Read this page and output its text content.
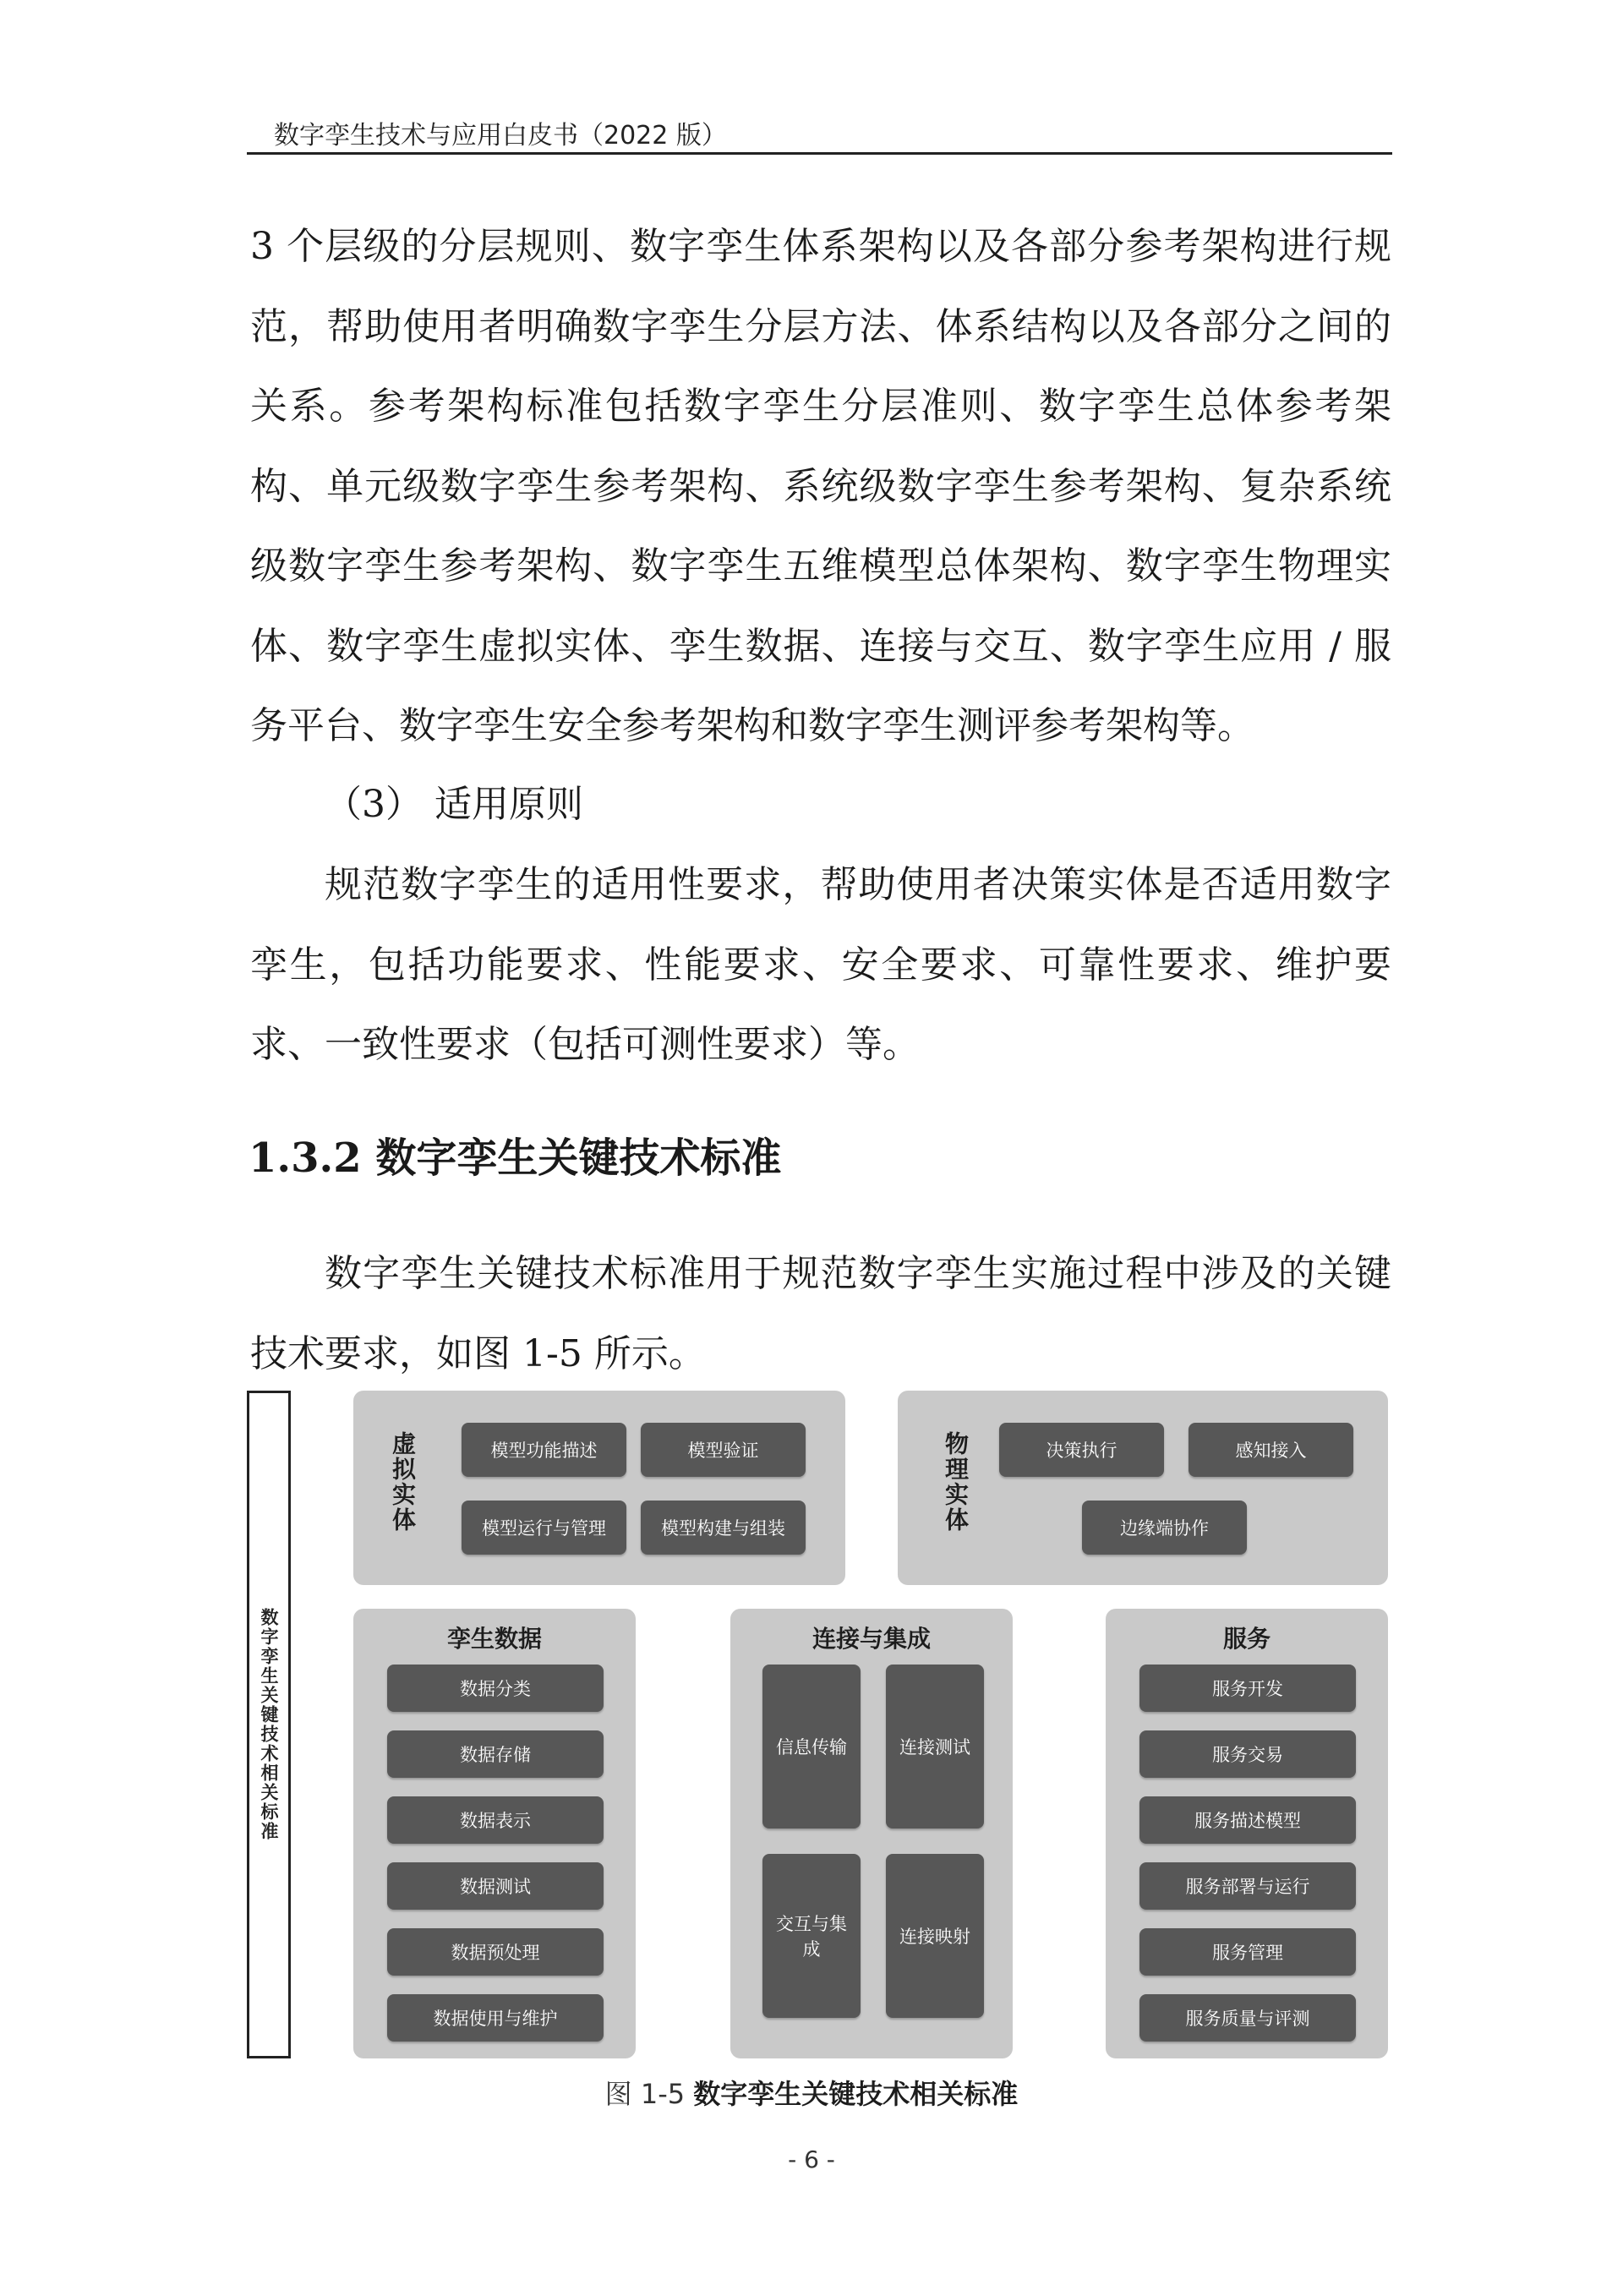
数字孪生技术与应用白皮书（2022 版）
3 个层级的分层规则、数字孪生体系架构以及各部分参考架构进行规范，帮助使用者明确数字孪生分层方法、体系结构以及各部分之间的关系。参考架构标准包括数字孪生分层准则、数字孪生总体参考架构、单元级数字孪生参考架构、系统级数字孪生参考架构、复杂系统级数字孪生参考架构、数字孪生五维模型总体架构、数字孪生物理实体、数字孪生虚拟实体、孪生数据、连接与交互、数字孪生应用 / 服务平台、数字孪生安全参考架构和数字孪生测评参考架构等。
（3） 适用原则
规范数字孪生的适用性要求，帮助使用者决策实体是否适用数字孪生，包括功能要求、性能要求、安全要求、可靠性要求、维护要求、一致性要求（包括可测性要求）等。
1.3.2 数字孪生关键技术标准
数字孪生关键技术标准用于规范数字孪生实施过程中涉及的关键技术要求，如图 1-5 所示。
数字孪生关键技术相关标准
虚拟实体	模型功能描述	模型验证
模型运行与管理	模型构建与组装	物理实体	决策执行	感知接入
边缘端协作
孪生数据
数据分类
数据存储
数据表示
数据测试
数据预处理
数据使用与维护
连接与集成
信息传输	连接测试
交互与集成
连接映射
服务
服务开发
服务交易
服务描述模型
服务部署与运行
服务管理
服务质量与评测
图 1-5 数字孪生关键技术相关标准
- 6 -
